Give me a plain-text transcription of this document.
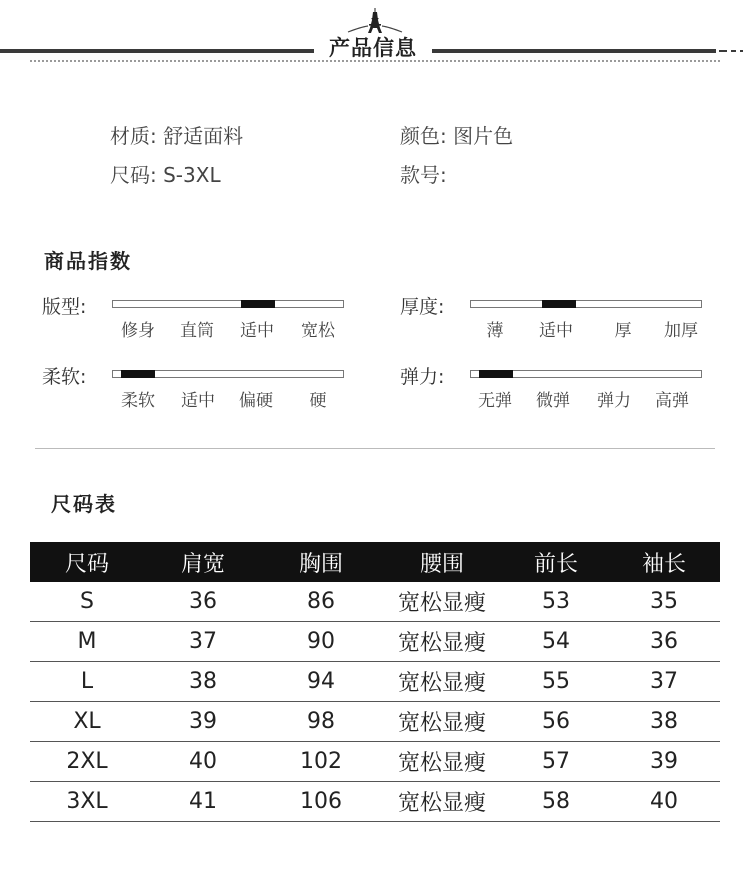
产品信息
材质: 舒适面料	颜色: 图片色
尺码: S-3XL	款号:
商品指数
版型:
修身 直筒 适中 宽松
厚度:
薄 适中 厚 加厚
柔软:
柔软 适中 偏硬 硬
弹力:
无弹 微弹 弹力 高弹
尺码表
尺码	肩宽	胸围	腰围	前长	袖长
S	36	86	宽松显瘦	53	35
M	37	90	宽松显瘦	54	36
L	38	94	宽松显瘦	55	37
XL	39	98	宽松显瘦	56	38
2XL	40	102	宽松显瘦	57	39
3XL	41	106	宽松显瘦	58	40
